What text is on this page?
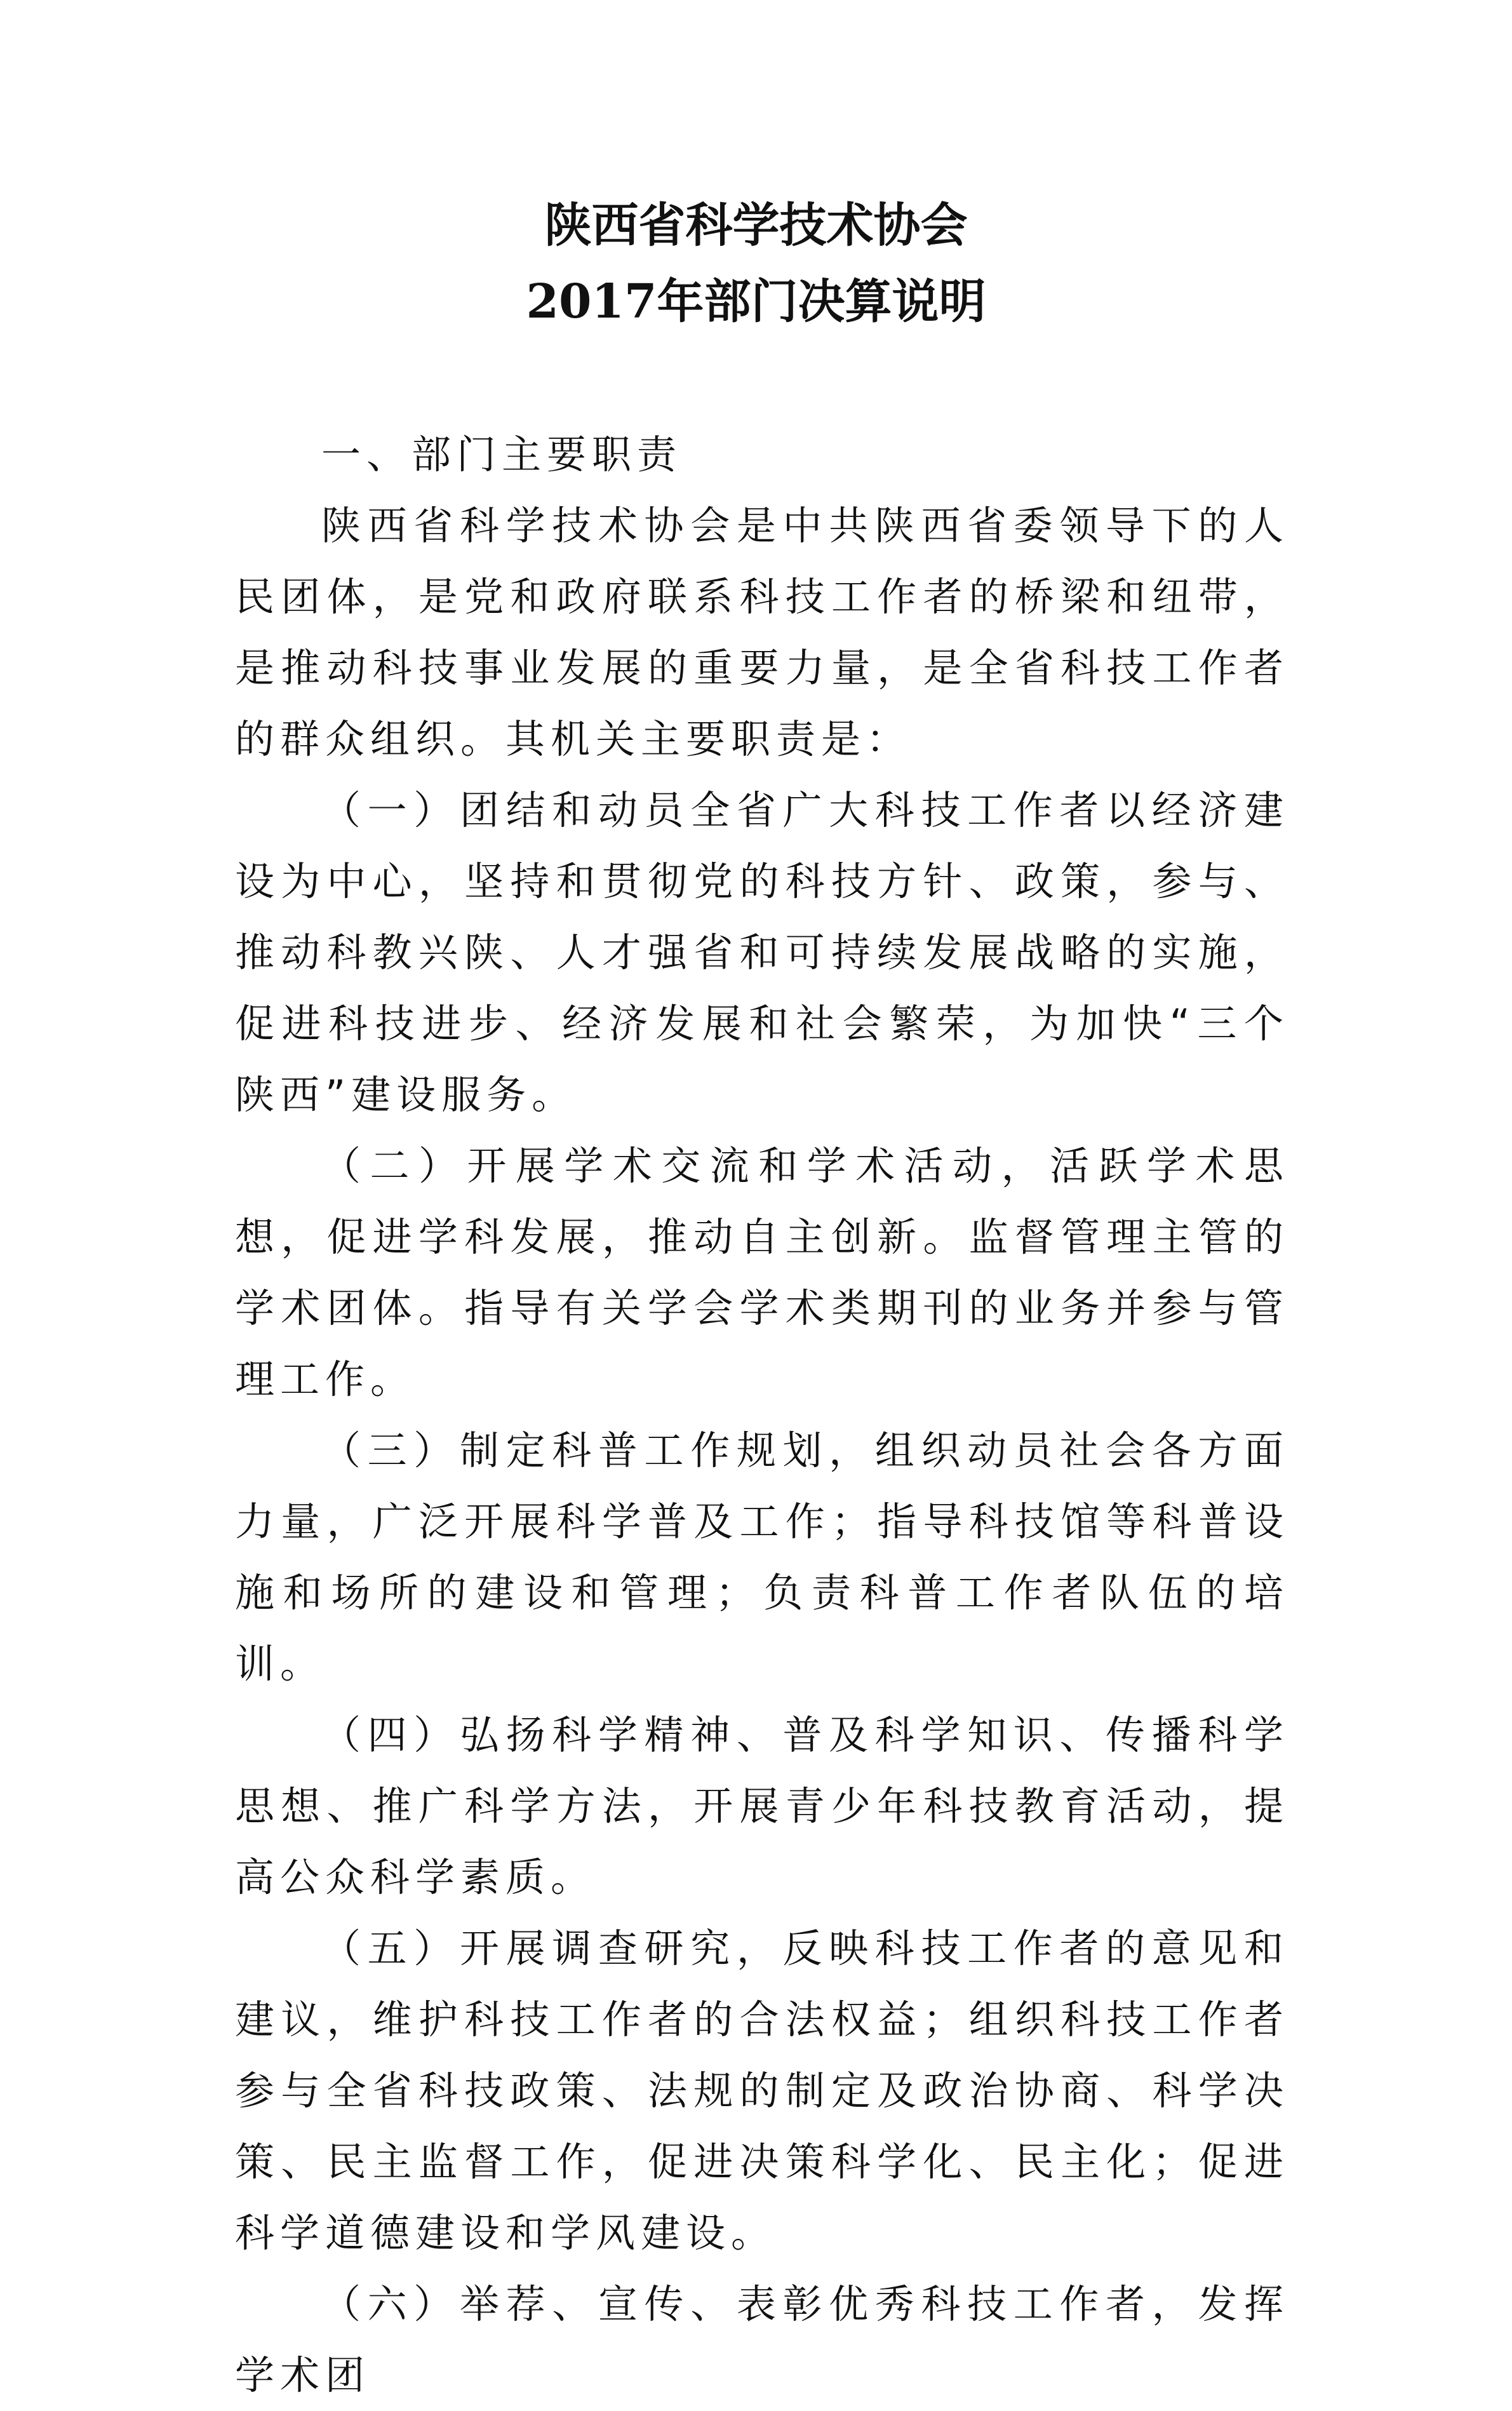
陕西省科学技术协会
2017年部门决算说明

一、部门主要职责

陕西省科学技术协会是中共陕西省委领导下的人民团体，是党和政府联系科技工作者的桥梁和纽带，是推动科技事业发展的重要力量，是全省科技工作者的群众组织。其机关主要职责是：

（一）团结和动员全省广大科技工作者以经济建设为中心，坚持和贯彻党的科技方针、政策，参与、推动科教兴陕、人才强省和可持续发展战略的实施，促进科技进步、经济发展和社会繁荣，为加快“三个陕西”建设服务。

（二）开展学术交流和学术活动，活跃学术思想，促进学科发展，推动自主创新。监督管理主管的学术团体。指导有关学会学术类期刊的业务并参与管理工作。

（三）制定科普工作规划，组织动员社会各方面力量，广泛开展科学普及工作；指导科技馆等科普设施和场所的建设和管理；负责科普工作者队伍的培训。

（四）弘扬科学精神、普及科学知识、传播科学思想、推广科学方法，开展青少年科技教育活动，提高公众科学素质。

（五）开展调查研究，反映科技工作者的意见和建议，维护科技工作者的合法权益；组织科技工作者参与全省科技政策、法规的制定及政治协商、科学决策、民主监督工作，促进决策科学化、民主化；促进科学道德建设和学风建设。

（六）举荐、宣传、表彰优秀科技工作者，发挥学术团
